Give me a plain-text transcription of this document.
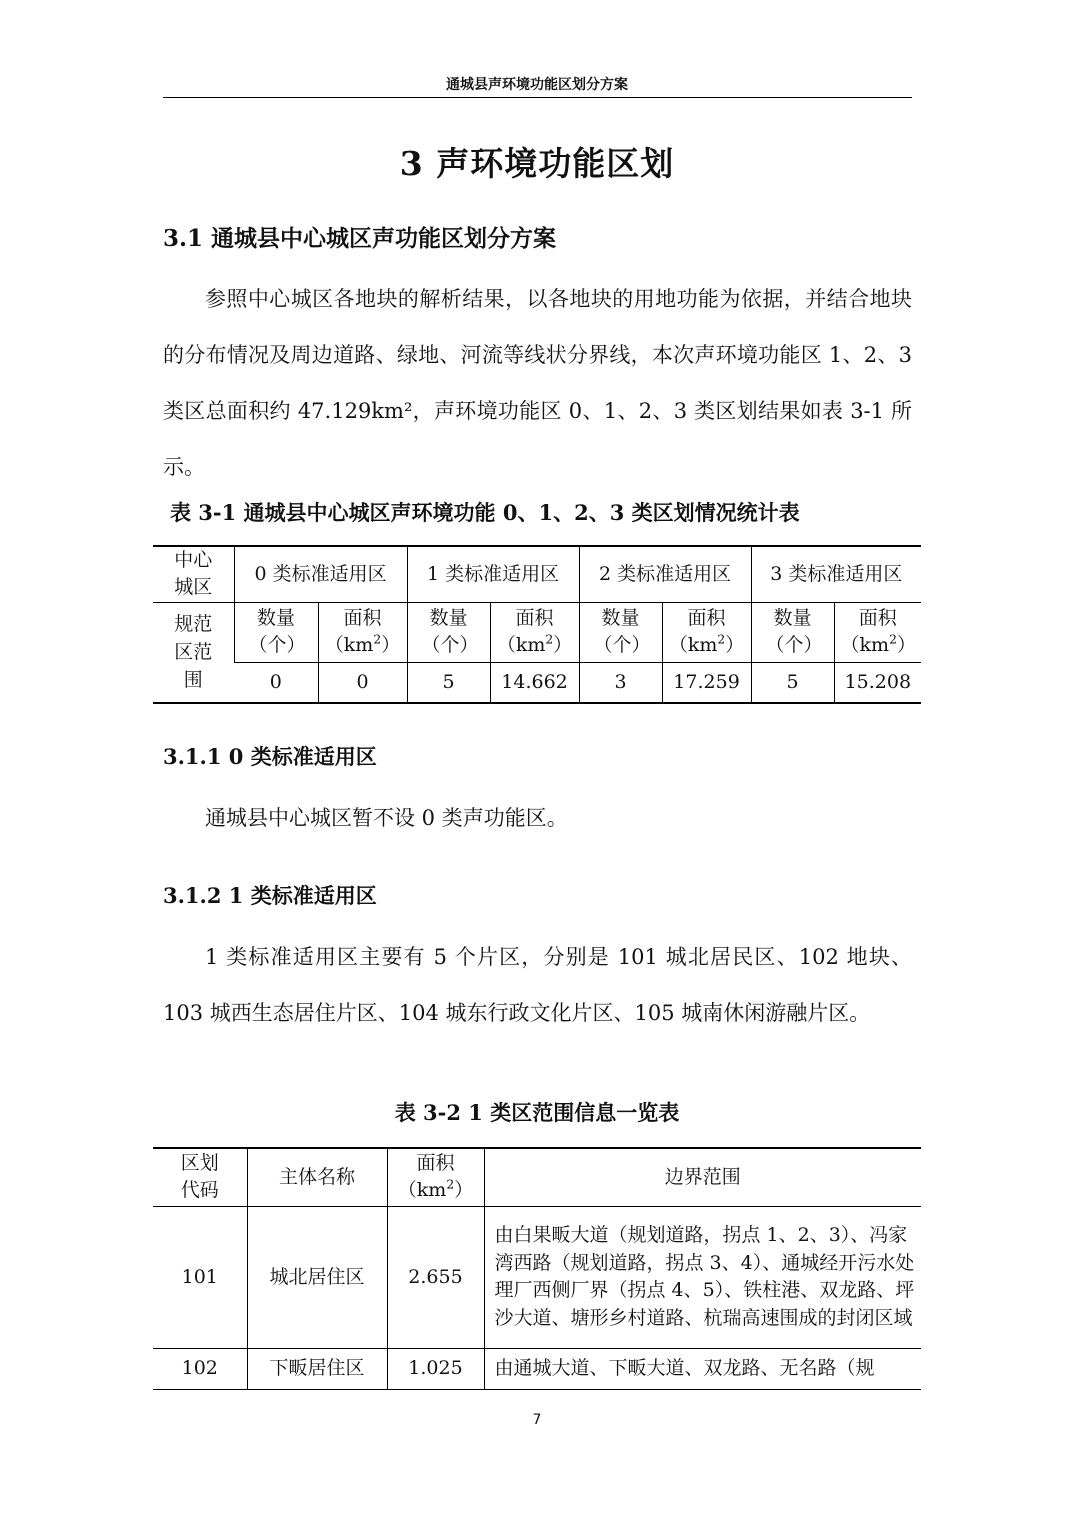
通城县声环境功能区划分方案
3 声环境功能区划
3.1 通城县中心城区声功能区划分方案
参照中心城区各地块的解析结果，以各地块的用地功能为依据，并结合地块的分布情况及周边道路、绿地、河流等线状分界线，本次声环境功能区 1、2、3 类区总面积约 47.129km²，声环境功能区 0、1、2、3 类区划结果如表 3-1 所示。
表 3-1 通城县中心城区声环境功能 0、1、2、3 类区划情况统计表
中心城区	0 类标准适用区		1 类标准适用区		2 类标准适用区		3 类标准适用区	
规范区范围	数量（个）	面积$(km^2)$	数量（个）	面积$(km^2)$	数量（个）	面积$(km^2)$	数量（个）	面积$(km^2)$
	0	0	5	14.662	3	17.259	5	15.208
3.1.1 0 类标准适用区
通城县中心城区暂不设 0 类声功能区。
3.1.2 1 类标准适用区
1 类标准适用区主要有 5 个片区，分别是 101 城北居民区、102 地块、103 城西生态居住片区、104 城东行政文化片区、105 城南休闲游融片区。
表 3-2 1 类区范围信息一览表
区划代码	主体名称	面积$(km^2)$	边界范围
101	城北居住区	2.655	由白果畈大道（规划道路，拐点 1、2、3）、冯家湾西路（规划道路，拐点 3、4）、通城经开污水处理厂西侧厂界（拐点 4、5）、铁柱港、双龙路、坪沙大道、塘形乡村道路、杭瑞高速围成的封闭区域
102	下畈居住区	1.025	由通城大道、下畈大道、双龙路、无名路（规
7
